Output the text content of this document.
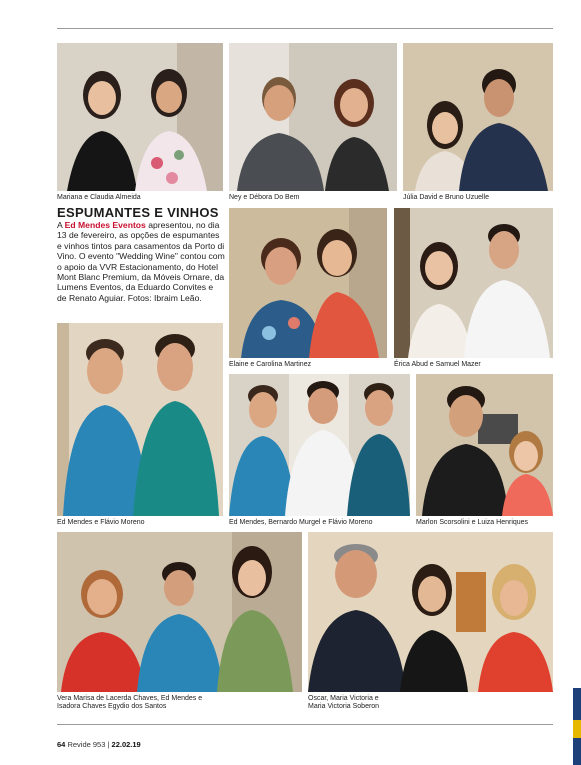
Mariana e Claudia Almeida	Ney e Débora Do Bem	Júlia David e Bruno Uzuelle
ESPUMANTES E VINHOS
A Ed Mendes Eventos apresentou, no dia 13 de fevereiro, as opções de espumantes e vinhos tintos para casamentos da Porto di Vino. O evento "Wedding Wine" contou com o apoio da VVR Estacionamento, do Hotel Mont Blanc Premium, da Móveis Ornare, da Lumens Eventos, da Eduardo Convites e de Renato Aguiar. Fotos: Ibraim Leão.
Elaine e Carolina Martinez	Érica Abud e Samuel Mazer
Ed Mendes e Flávio Moreno	Ed Mendes, Bernardo Murgel e Flávio Moreno	Marlon Scorsolini e Luiza Henriques
Vera Marisa de Lacerda Chaves, Ed Mendes e
Isadora Chaves Egydio dos Santos
Oscar, Maria Victoria e
Maria Victoria Soberon
64 Revide 953 | 22.02.19
